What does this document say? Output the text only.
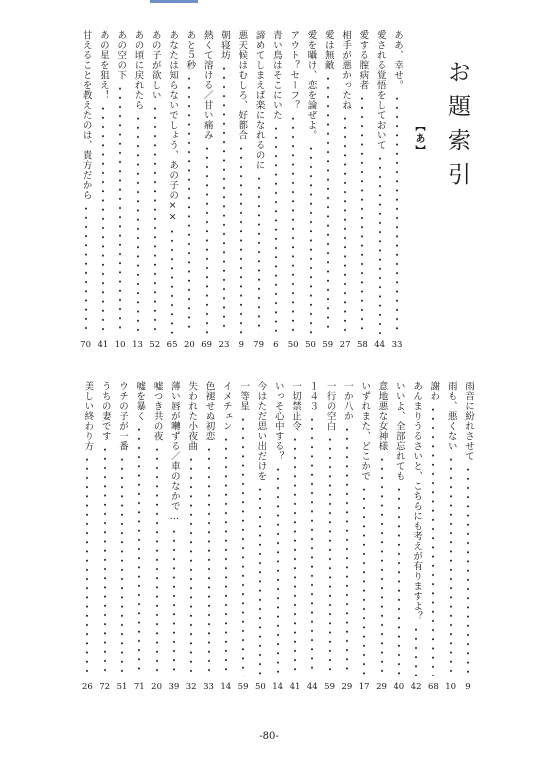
お題索引
【あ】
ああ、幸せ。
33
愛される覚悟をしておいて
44
愛する膣病者
58
相手が悪かったね
27
愛は無敵
59
愛を囁け、恋を論ぜよ。
50
アウト？セーフ？
50
青い鳥はそこにいた
6
諦めてしまえば楽になれるのに
79
悪天候はむしろ、好都合
9
朝寝坊
23
熱くて溶ける／甘い痛み
69
あと５秒
20
あなたは知らないでしょう、あの子の××
65
あの子が欲しい
52
あの頃に戻れたら
13
あの空の下
10
あの星を狙え！
41
甘えることを教えたのは、貴方だから
70
雨音に紛れさせて
9
雨も、悪くない
10
謝わ
68
あんまりうるさいと、こちらにも考えが有りますよ？
42
いいよ、全部忘れても
40
意地悪な女神様
29
いずれまた、どこかで
17
一か八か
29
一行の空白
59
１４３
44
一切禁止令
41
いっそ心中する？
14
今はただ思い出だけを
50
一等星
59
イメチェン
14
色褪せぬ初恋
33
失われた小夜曲
32
薄い唇が囀ずる／車のなかで…
39
嘘つき共の夜
20
嘘を暴く
71
ウチの子が一番
51
うちの妻です
72
美しい終わり方
26
-80-
